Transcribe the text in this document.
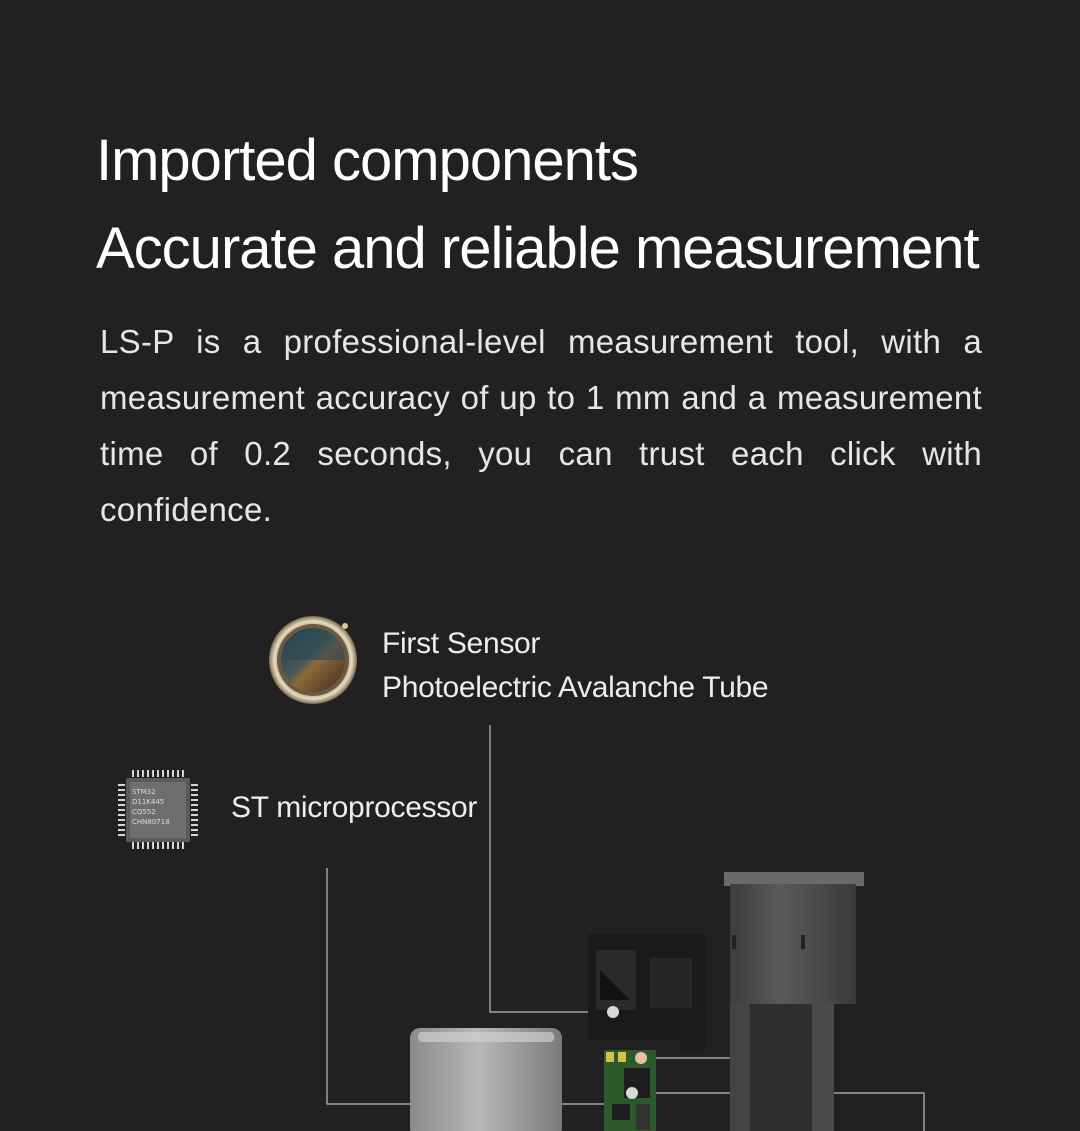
Imported components
Accurate and reliable measurement
LS-P is a professional-level measurement tool, with a measurement accuracy of up to 1 mm and a measurement time of 0.2 seconds, you can trust each click with confidence.
First Sensor
Photoelectric Avalanche Tube
ST microprocessor
STM32
D11K445
CQ552
CHN80718
